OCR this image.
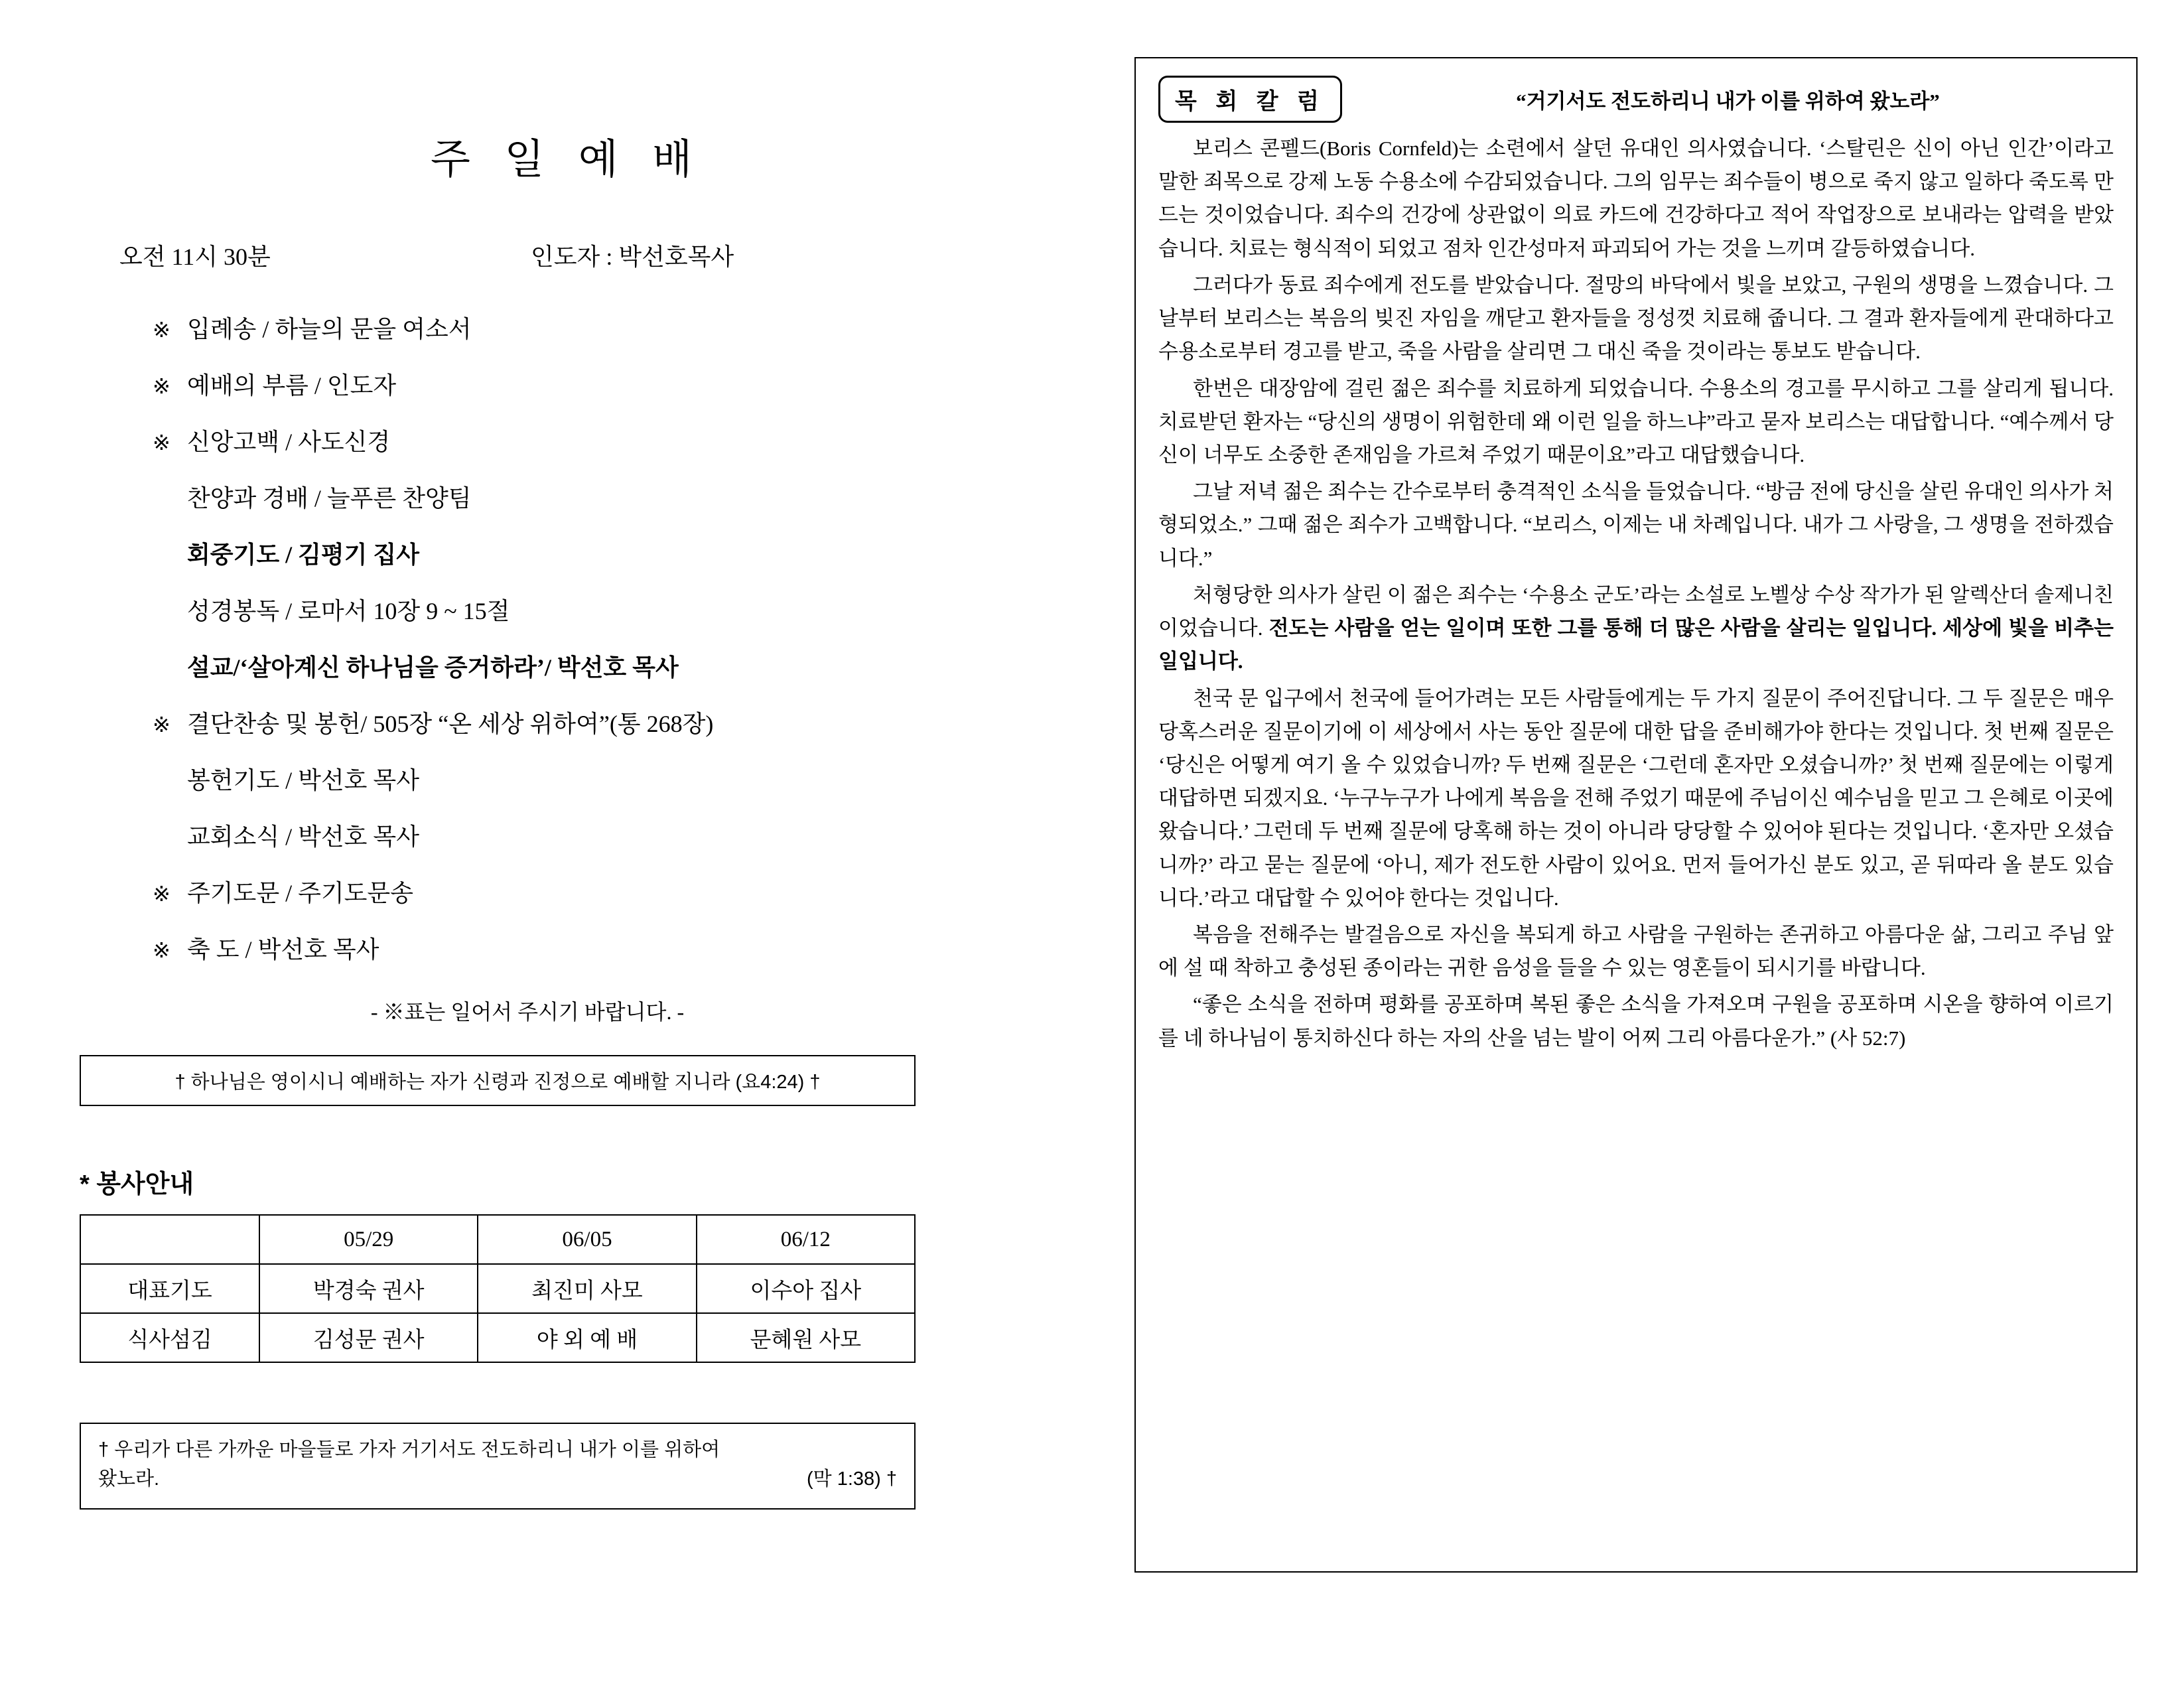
주 일 예 배
오전 11시 30분	인도자 : 박선호목사
※ 입례송 / 하늘의 문을 여소서
※ 예배의 부름 / 인도자
※ 신앙고백 / 사도신경
찬양과 경배 / 늘푸른 찬양팀
회중기도 / 김평기 집사
성경봉독 / 로마서 10장 9 ~ 15절
설교/‘살아계신 하나님을 증거하라’/ 박선호 목사
※ 결단찬송 및 봉헌/ 505장 “온 세상 위하여”(통 268장)
봉헌기도 / 박선호 목사
교회소식 / 박선호 목사
※ 주기도문 / 주기도문송
※ 축 도 / 박선호 목사
- ※표는 일어서 주시기 바랍니다. -
† 하나님은 영이시니 예배하는 자가 신령과 진정으로 예배할 지니라 (요4:24) †
* 봉사안내
	05/29	06/05	06/12
대표기도	박경숙 권사	최진미 사모	이수아 집사
식사섬김	김성문 권사	야 외 예 배	문혜원 사모
† 우리가 다른 가까운 마을들로 가자 거기서도 전도하리니 내가 이를 위하여
왔노라.	(막 1:38) †
목 회 칼 럼	“거기서도 전도하리니 내가 이를 위하여 왔노라”

보리스 콘펠드(Boris Cornfeld)는 소련에서 살던 유대인 의사였습니다. ‘스탈린은 신이 아닌 인간’이라고 말한 죄목으로 강제 노동 수용소에 수감되었습니다. 그의 임무는 죄수들이 병으로 죽지 않고 일하다 죽도록 만드는 것이었습니다. 죄수의 건강에 상관없이 의료 카드에 건강하다고 적어 작업장으로 보내라는 압력을 받았습니다. 치료는 형식적이 되었고 점차 인간성마저 파괴되어 가는 것을 느끼며 갈등하였습니다.

그러다가 동료 죄수에게 전도를 받았습니다. 절망의 바닥에서 빛을 보았고, 구원의 생명을 느꼈습니다. 그 날부터 보리스는 복음의 빚진 자임을 깨닫고 환자들을 정성껏 치료해 줍니다. 그 결과 환자들에게 관대하다고 수용소로부터 경고를 받고, 죽을 사람을 살리면 그 대신 죽을 것이라는 통보도 받습니다.

한번은 대장암에 걸린 젊은 죄수를 치료하게 되었습니다. 수용소의 경고를 무시하고 그를 살리게 됩니다. 치료받던 환자는 “당신의 생명이 위험한데 왜 이런 일을 하느냐”라고 묻자 보리스는 대답합니다. “예수께서 당신이 너무도 소중한 존재임을 가르쳐 주었기 때문이요”라고 대답했습니다.

그날 저녁 젊은 죄수는 간수로부터 충격적인 소식을 들었습니다. “방금 전에 당신을 살린 유대인 의사가 처형되었소.” 그때 젊은 죄수가 고백합니다. “보리스, 이제는 내 차례입니다. 내가 그 사랑을, 그 생명을 전하겠습니다.”

처형당한 의사가 살린 이 젊은 죄수는 ‘수용소 군도’라는 소설로 노벨상 수상 작가가 된 알렉산더 솔제니친이었습니다. 전도는 사람을 얻는 일이며 또한 그를 통해 더 많은 사람을 살리는 일입니다. 세상에 빛을 비추는 일입니다.

천국 문 입구에서 천국에 들어가려는 모든 사람들에게는 두 가지 질문이 주어진답니다. 그 두 질문은 매우 당혹스러운 질문이기에 이 세상에서 사는 동안 질문에 대한 답을 준비해가야 한다는 것입니다. 첫 번째 질문은 ‘당신은 어떻게 여기 올 수 있었습니까? 두 번째 질문은 ‘그런데 혼자만 오셨습니까?’ 첫 번째 질문에는 이렇게 대답하면 되겠지요. ‘누구누구가 나에게 복음을 전해 주었기 때문에 주님이신 예수님을 믿고 그 은혜로 이곳에 왔습니다.’ 그런데 두 번째 질문에 당혹해 하는 것이 아니라 당당할 수 있어야 된다는 것입니다. ‘혼자만 오셨습니까?’ 라고 묻는 질문에 ‘아니, 제가 전도한 사람이 있어요. 먼저 들어가신 분도 있고, 곧 뒤따라 올 분도 있습니다.’라고 대답할 수 있어야 한다는 것입니다.

복음을 전해주는 발걸음으로 자신을 복되게 하고 사람을 구원하는 존귀하고 아름다운 삶, 그리고 주님 앞에 설 때 착하고 충성된 종이라는 귀한 음성을 들을 수 있는 영혼들이 되시기를 바랍니다.

“좋은 소식을 전하며 평화를 공포하며 복된 좋은 소식을 가져오며 구원을 공포하며 시온을 향하여 이르기를 네 하나님이 통치하신다 하는 자의 산을 넘는 발이 어찌 그리 아름다운가.” (사 52:7)
